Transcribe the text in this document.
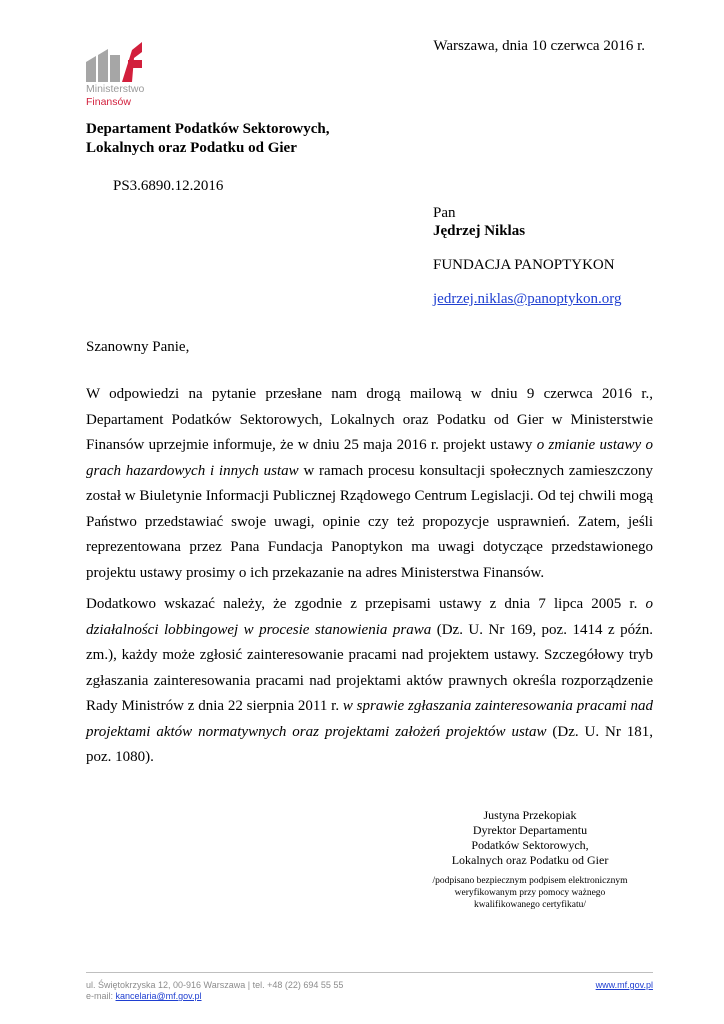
Ministerstwo
Finansów
Warszawa, dnia 10 czerwca 2016 r.
Departament Podatków Sektorowych,
Lokalnych oraz Podatku od Gier
PS3.6890.12.2016
Pan
Jędrzej Niklas
FUNDACJA PANOPTYKON
jedrzej.niklas@panoptykon.org
Szanowny Panie,

W odpowiedzi na pytanie przesłane nam drogą mailową w dniu 9 czerwca 2016 r., Departament Podatków Sektorowych, Lokalnych oraz Podatku od Gier w Ministerstwie Finansów uprzejmie informuje, że w dniu 25 maja 2016 r. projekt ustawy o zmianie ustawy o grach hazardowych i innych ustaw w ramach procesu konsultacji społecznych zamieszczony został w Biuletynie Informacji Publicznej Rządowego Centrum Legislacji. Od tej chwili mogą Państwo przedstawiać swoje uwagi, opinie czy też propozycje usprawnień. Zatem, jeśli reprezentowana przez Pana Fundacja Panoptykon ma uwagi dotyczące przedstawionego projektu ustawy prosimy o ich przekazanie na adres Ministerstwa Finansów.

Dodatkowo wskazać należy, że zgodnie z przepisami ustawy z dnia 7 lipca 2005 r. o działalności lobbingowej w procesie stanowienia prawa (Dz. U. Nr 169, poz. 1414 z późn. zm.), każdy może zgłosić zainteresowanie pracami nad projektem ustawy. Szczegółowy tryb zgłaszania zainteresowania pracami nad projektami aktów prawnych określa rozporządzenie Rady Ministrów z dnia 22 sierpnia 2011 r. w sprawie zgłaszania zainteresowania pracami nad projektami aktów normatywnych oraz projektami założeń projektów ustaw (Dz. U. Nr 181, poz. 1080).

Justyna Przekopiak
Dyrektor Departamentu
Podatków Sektorowych,
Lokalnych oraz Podatku od Gier
/podpisano bezpiecznym podpisem elektronicznym
weryfikowanym przy pomocy ważnego
kwalifikowanego certyfikatu/
ul. Świętokrzyska 12, 00-916 Warszawa | tel. +48 (22) 694 55 55
e-mail: kancelaria@mf.gov.pl
www.mf.gov.pl
